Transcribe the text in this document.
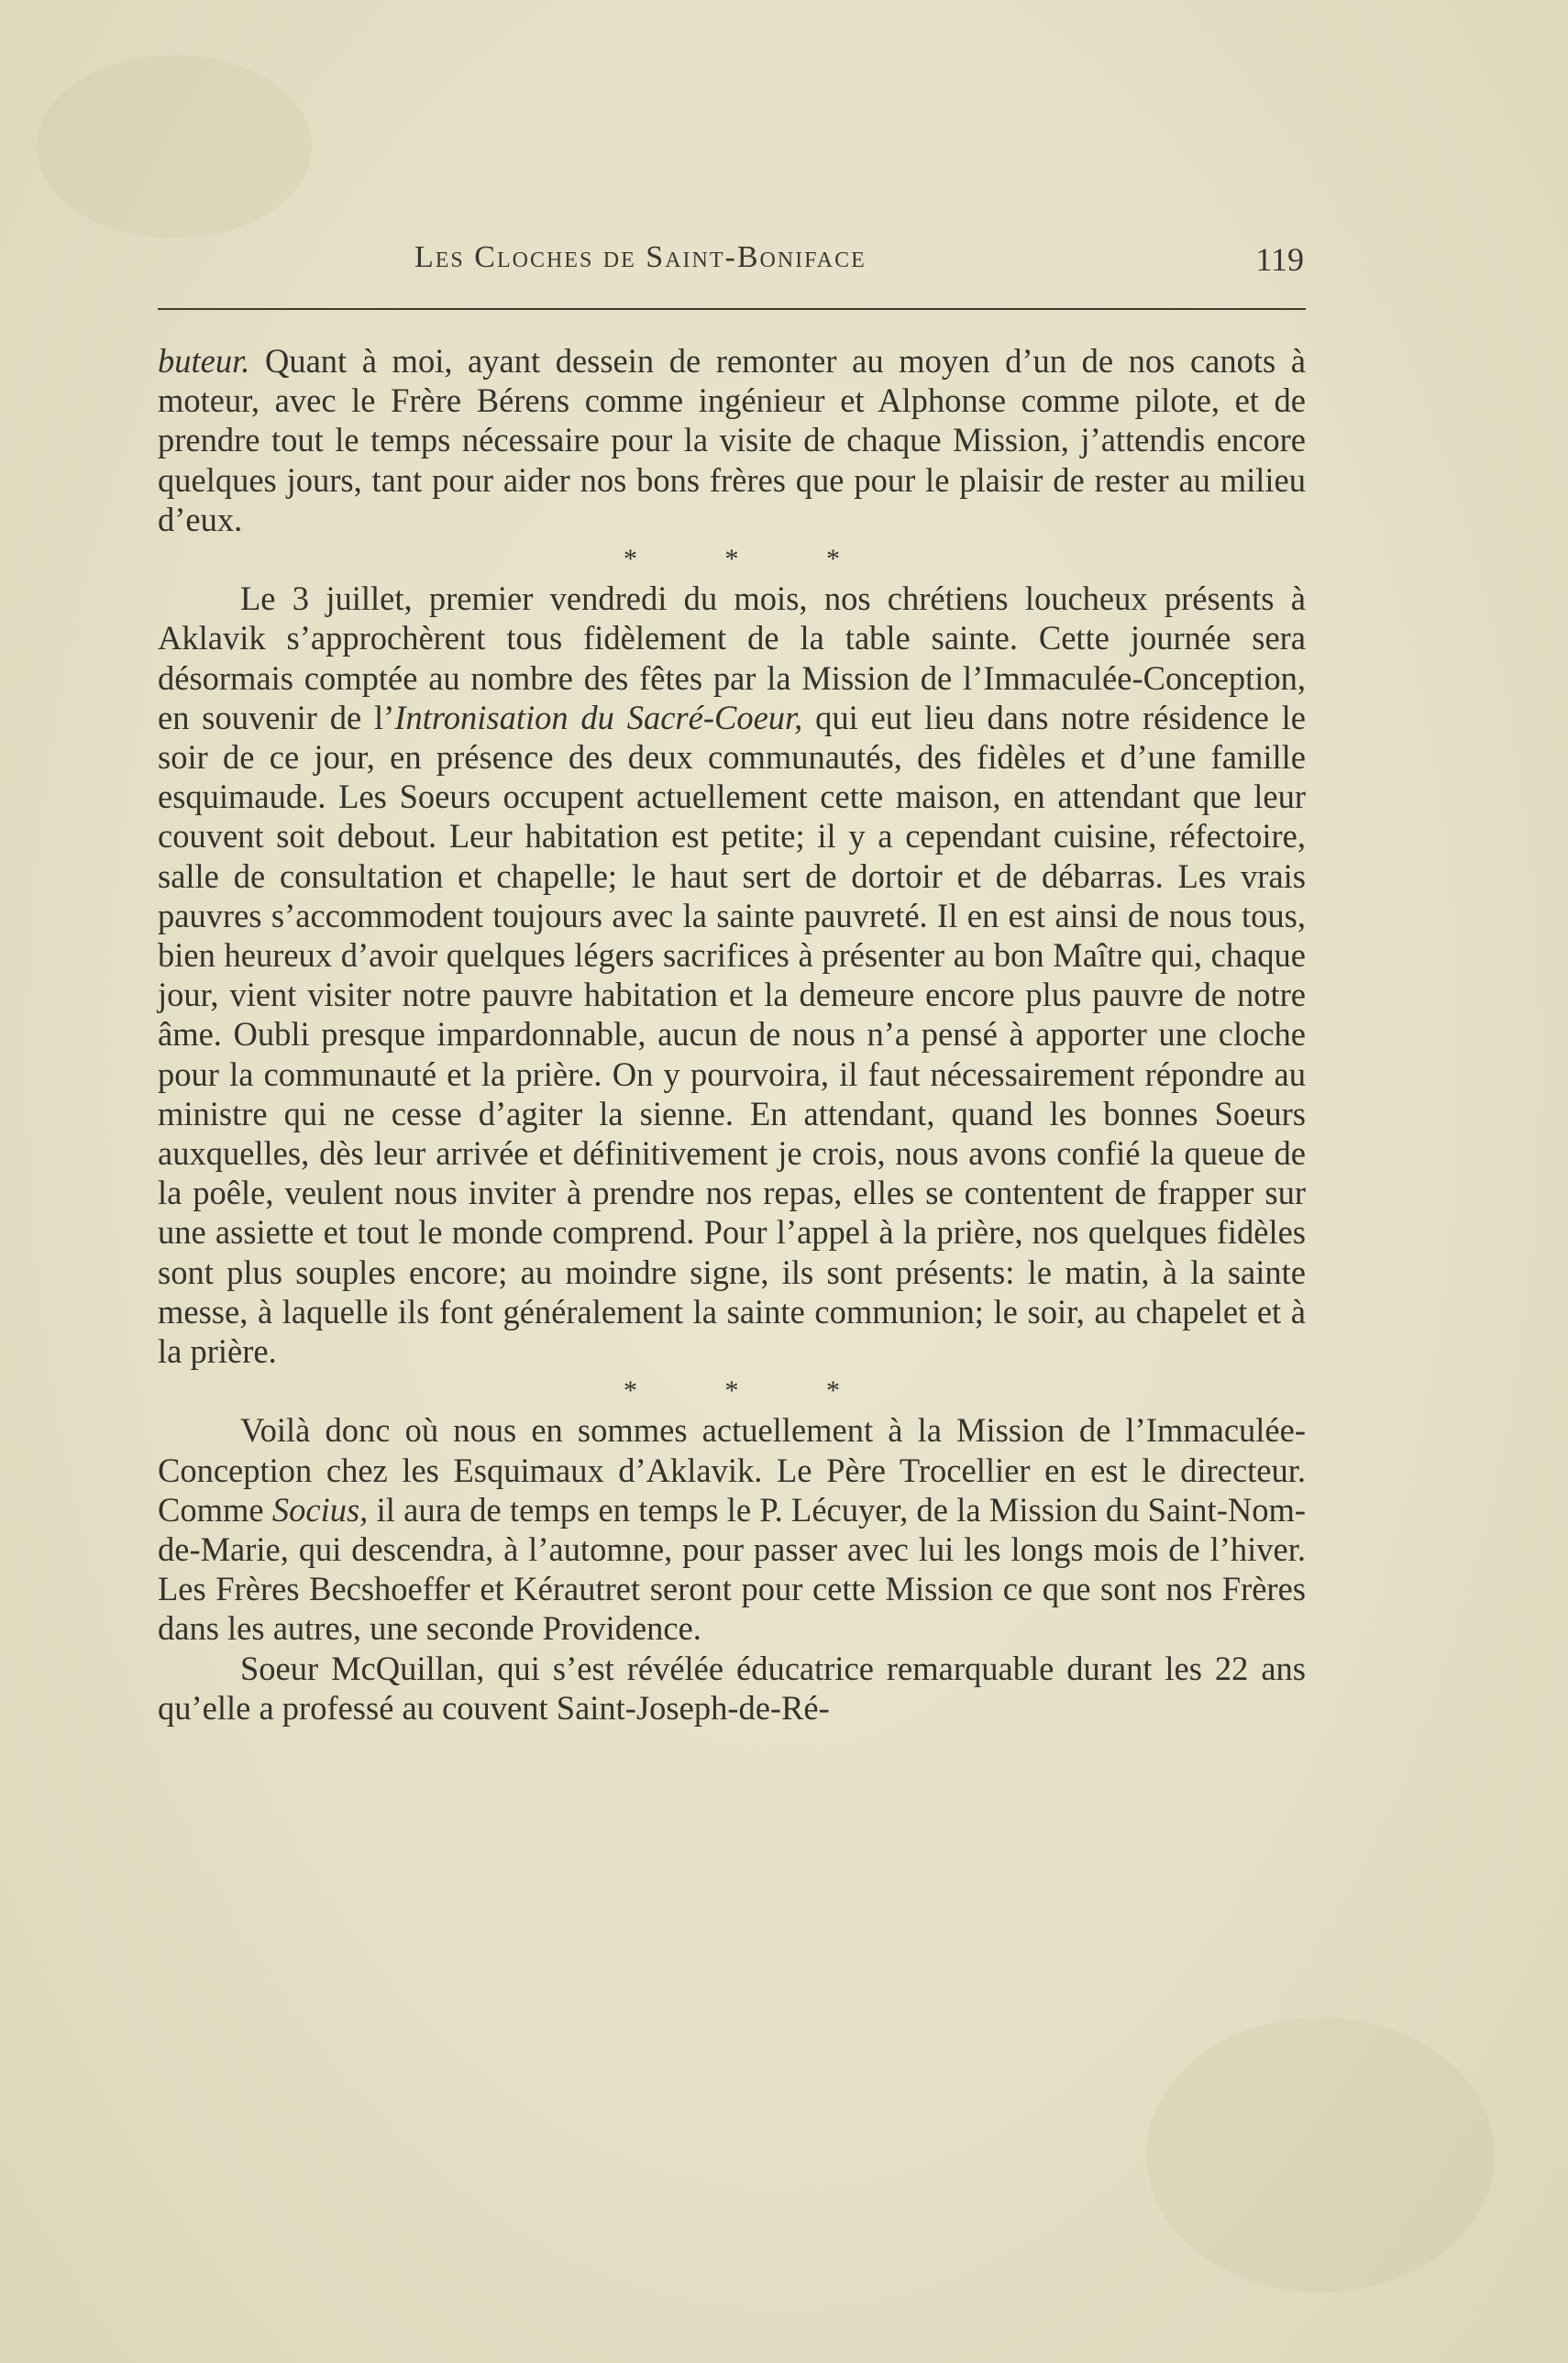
Les Cloches de Saint-Boniface	119

buteur. Quant à moi, ayant dessein de remonter au moyen d’un de nos canots à moteur, avec le Frère Bérens comme ingénieur et Alphonse comme pilote, et de prendre tout le temps nécessaire pour la visite de chaque Mission, j’attendis encore quelques jours, tant pour aider nos bons frères que pour le plaisir de rester au milieu d’eux.

* * *

Le 3 juillet, premier vendredi du mois, nos chrétiens loucheux présents à Aklavik s’approchèrent tous fidèlement de la table sainte. Cette journée sera désormais comptée au nombre des fêtes par la Mission de l’Immaculée-Conception, en souvenir de l’Intronisation du Sacré-Coeur, qui eut lieu dans notre résidence le soir de ce jour, en présence des deux communautés, des fidèles et d’une famille esquimaude. Les Soeurs occupent actuellement cette maison, en attendant que leur couvent soit debout. Leur habitation est petite; il y a cependant cuisine, réfectoire, salle de consultation et chapelle; le haut sert de dortoir et de débarras. Les vrais pauvres s’accommodent toujours avec la sainte pauvreté. Il en est ainsi de nous tous, bien heureux d’avoir quelques légers sacrifices à présenter au bon Maître qui, chaque jour, vient visiter notre pauvre habitation et la demeure encore plus pauvre de notre âme. Oubli presque impardonnable, aucun de nous n’a pensé à apporter une cloche pour la communauté et la prière. On y pourvoira, il faut nécessairement répondre au ministre qui ne cesse d’agiter la sienne. En attendant, quand les bonnes Soeurs auxquelles, dès leur arrivée et définitivement je crois, nous avons confié la queue de la poêle, veulent nous inviter à prendre nos repas, elles se contentent de frapper sur une assiette et tout le monde comprend. Pour l’appel à la prière, nos quelques fidèles sont plus souples encore; au moindre signe, ils sont présents: le matin, à la sainte messe, à laquelle ils font généralement la sainte communion; le soir, au chapelet et à la prière.

* * *

Voilà donc où nous en sommes actuellement à la Mission de l’Immaculée-Conception chez les Esquimaux d’Aklavik. Le Père Trocellier en est le directeur. Comme Socius, il aura de temps en temps le P. Lécuyer, de la Mission du Saint-Nom-de-Marie, qui descendra, à l’automne, pour passer avec lui les longs mois de l’hiver. Les Frères Becshoeffer et Kérautret seront pour cette Mission ce que sont nos Frères dans les autres, une seconde Providence.

Soeur McQuillan, qui s’est révélée éducatrice remarquable durant les 22 ans qu’elle a professé au couvent Saint-Joseph-de-Ré-
